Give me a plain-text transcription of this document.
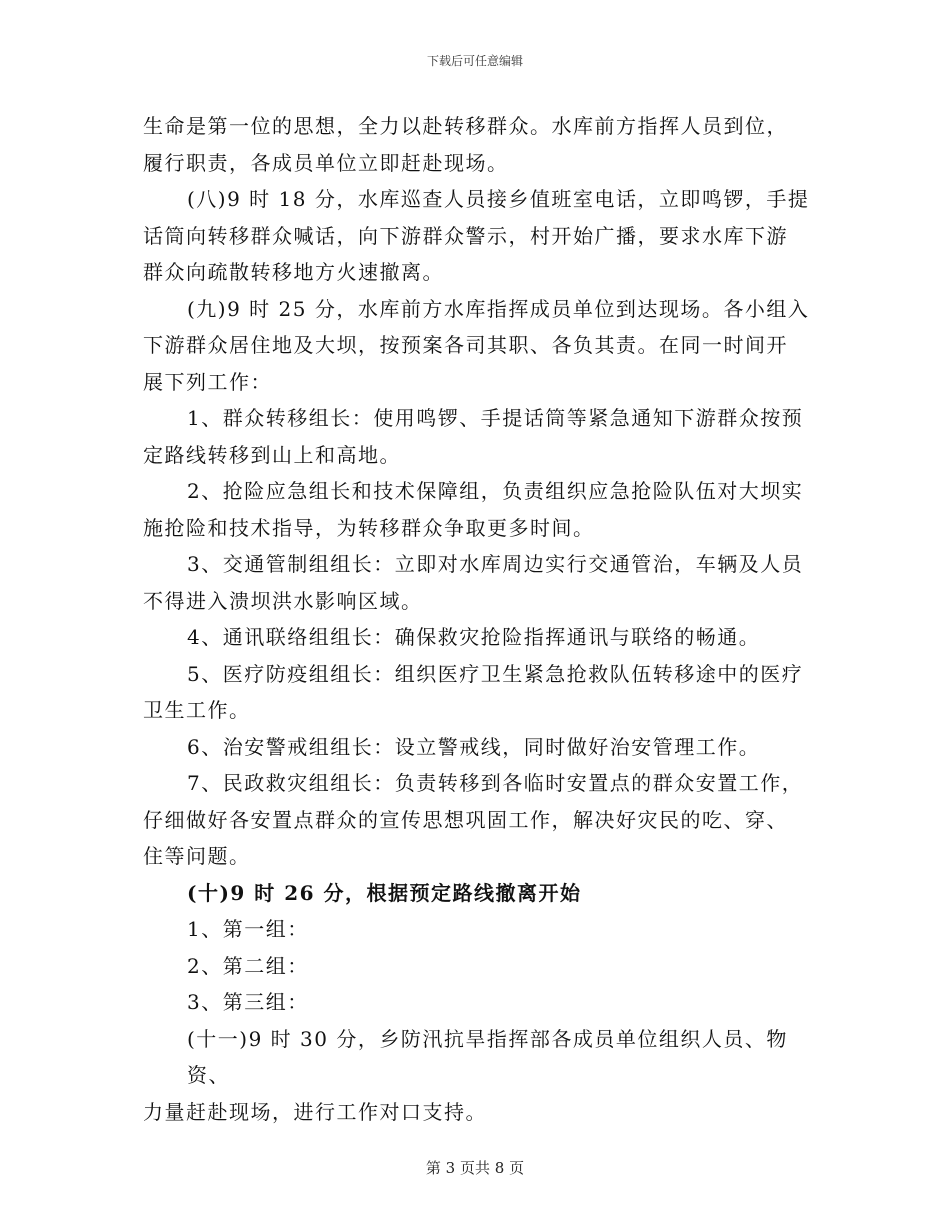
下载后可任意编辑

生命是第一位的思想，全力以赴转移群众。水库前方指挥人员到位，
履行职责，各成员单位立即赶赴现场。

(八)9 时 18 分，水库巡查人员接乡值班室电话，立即鸣锣，手提
话筒向转移群众喊话，向下游群众警示，村开始广播，要求水库下游
群众向疏散转移地方火速撤离。

(九)9 时 25 分，水库前方水库指挥成员单位到达现场。各小组入
下游群众居住地及大坝，按预案各司其职、各负其责。在同一时间开
展下列工作：

1、群众转移组长：使用鸣锣、手提话筒等紧急通知下游群众按预
定路线转移到山上和高地。

2、抢险应急组长和技术保障组，负责组织应急抢险队伍对大坝实
施抢险和技术指导，为转移群众争取更多时间。

3、交通管制组组长：立即对水库周边实行交通管治，车辆及人员
不得进入溃坝洪水影响区域。

4、通讯联络组组长：确保救灾抢险指挥通讯与联络的畅通。

5、医疗防疫组组长：组织医疗卫生紧急抢救队伍转移途中的医疗
卫生工作。

6、治安警戒组组长：设立警戒线，同时做好治安管理工作。

7、民政救灾组组长：负责转移到各临时安置点的群众安置工作，
仔细做好各安置点群众的宣传思想巩固工作，解决好灾民的吃、穿、
住等问题。

(十)9 时 26 分，根据预定路线撤离开始

1、第一组：

2、第二组：

3、第三组：

(十一)9 时 30 分，乡防汛抗旱指挥部各成员单位组织人员、物资、
力量赶赴现场，进行工作对口支持。

第 3 页共 8 页
